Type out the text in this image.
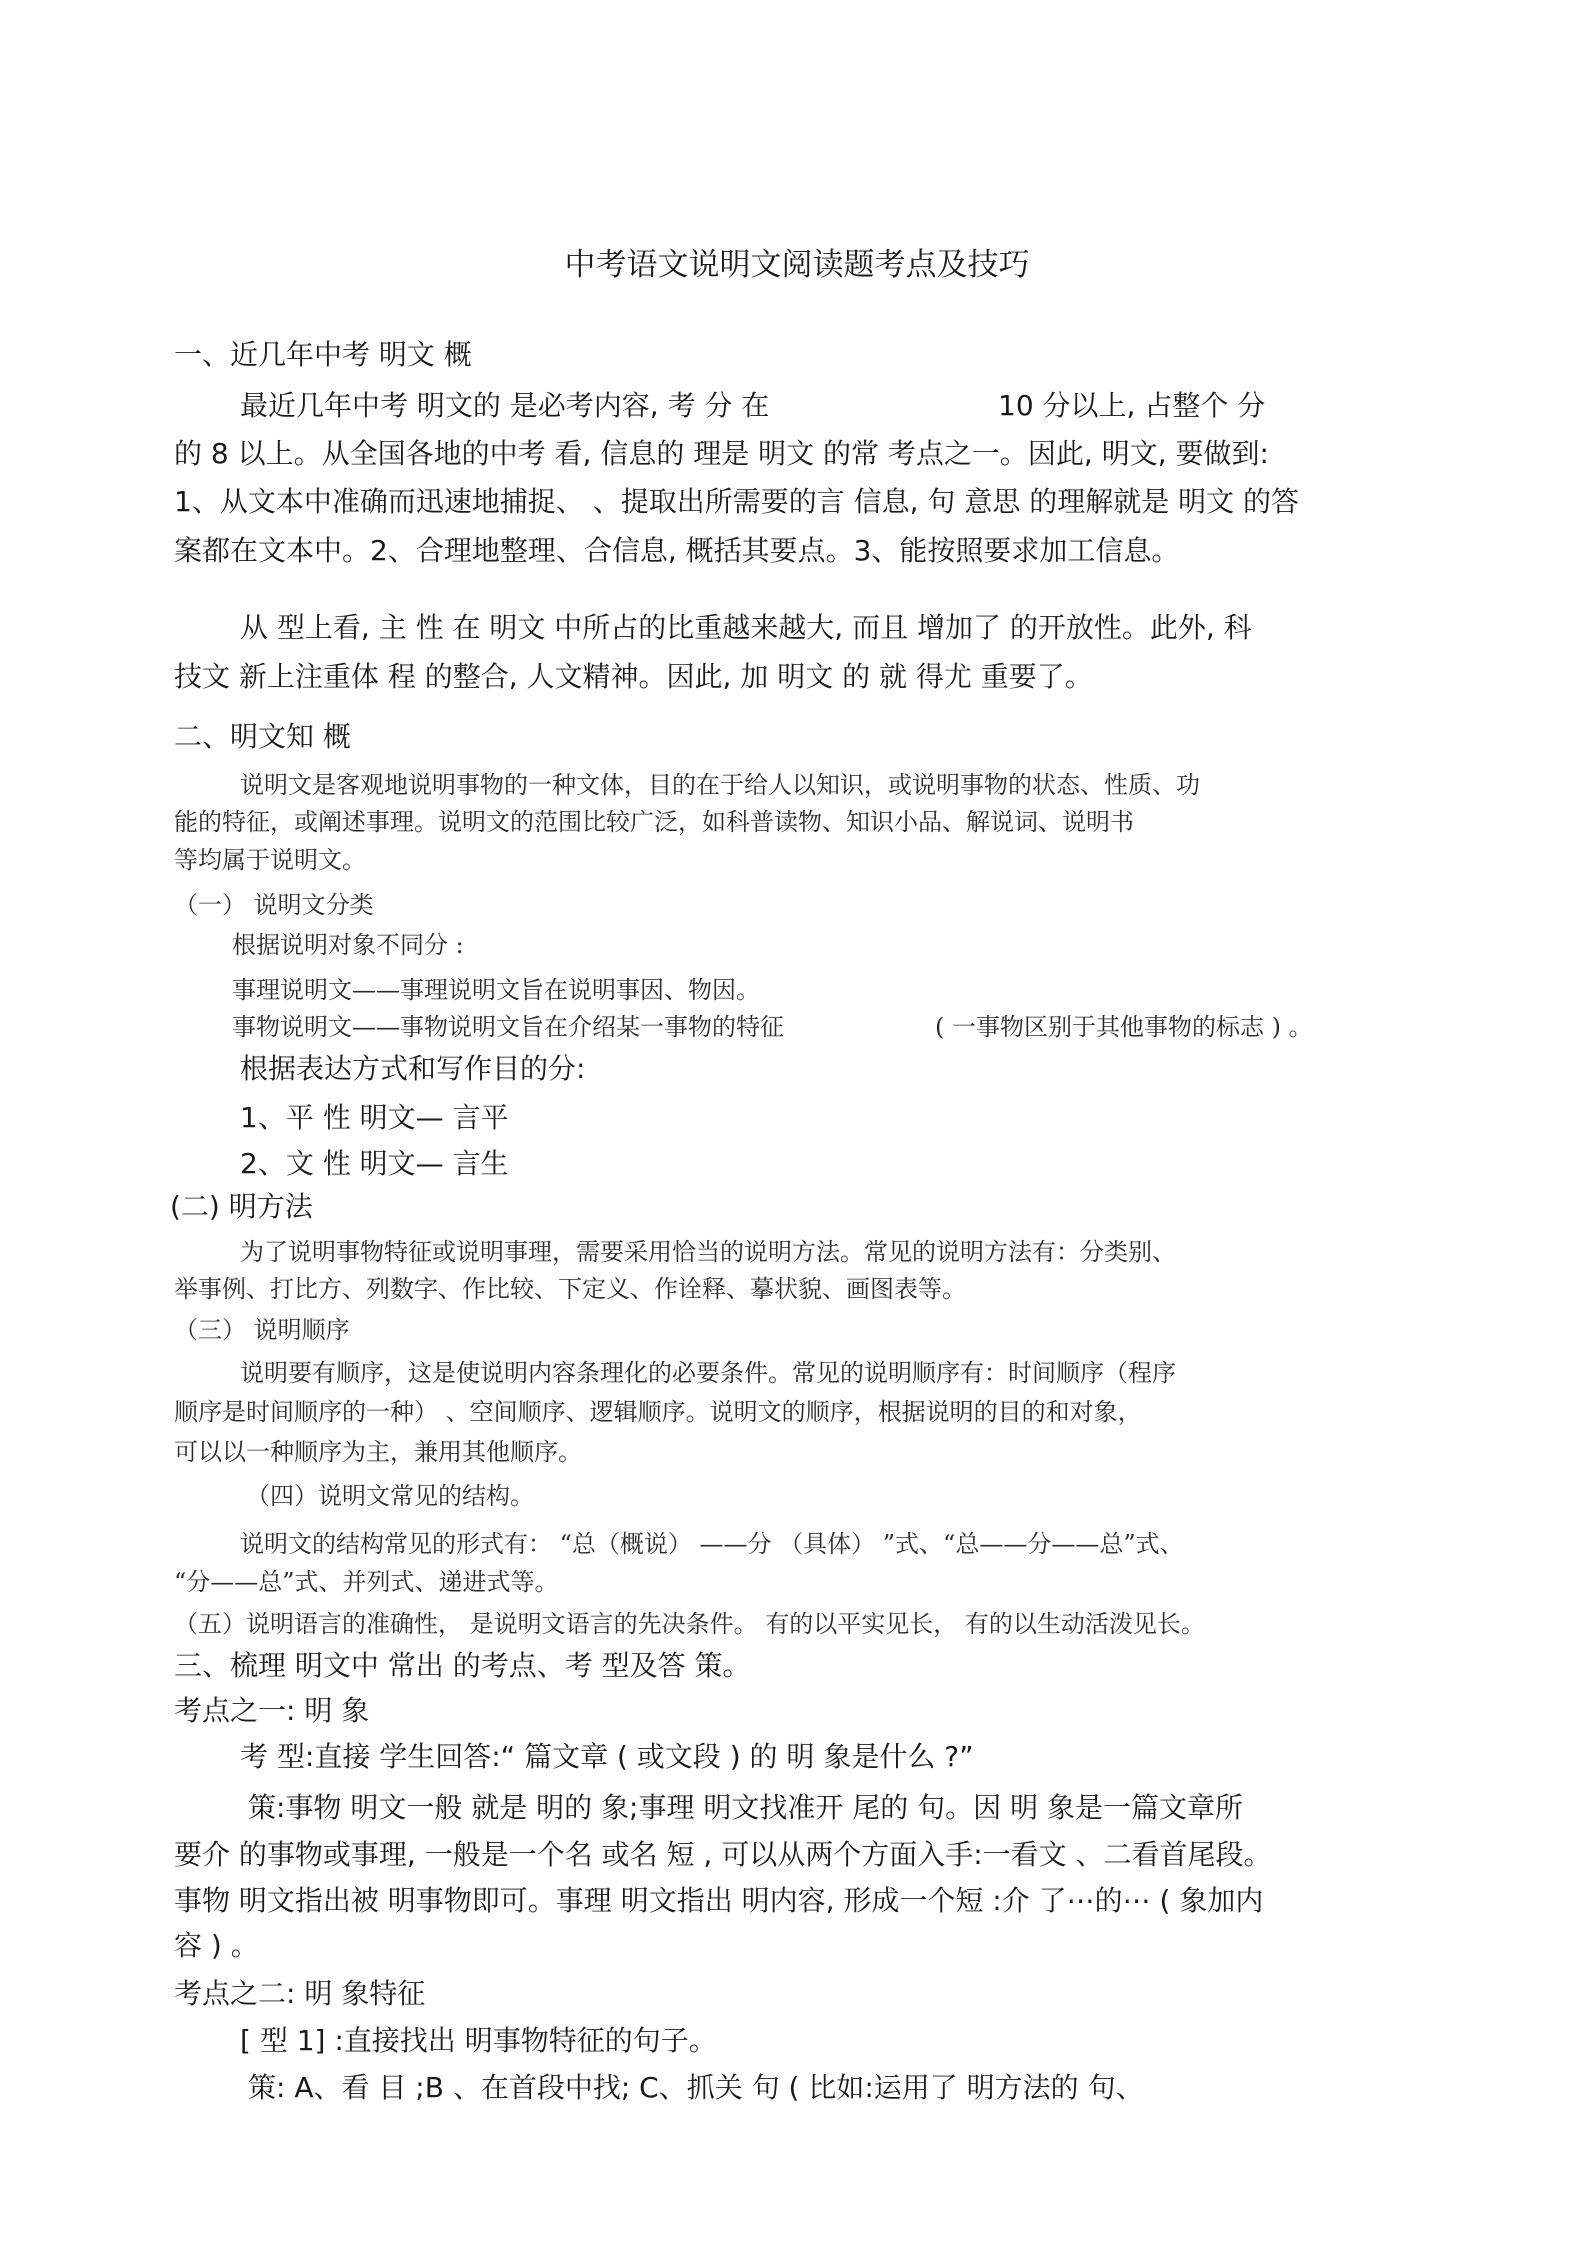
中考语文说明文阅读题考点及技巧
一、近几年中考 明文 概
最近几年中考 明文的 是必考内容, 考 分 在	10 分以上, 占整个 分
的 8 以上。从全国各地的中考 看, 信息的 理是 明文 的常 考点之一。因此, 明文, 要做到:
1、从文本中准确而迅速地捕捉、 、提取出所需要的言 信息, 句 意思 的理解就是 明文 的答
案都在文本中。2、合理地整理、合信息, 概括其要点。3、能按照要求加工信息。
从 型上看, 主 性 在 明文 中所占的比重越来越大, 而且 增加了 的开放性。此外, 科
技文 新上注重体 程 的整合, 人文精神。因此, 加 明文 的 就 得尤 重要了。
二、明文知 概
说明文是客观地说明事物的一种文体，目的在于给人以知识，或说明事物的状态、性质、功
能的特征，或阐述事理。说明文的范围比较广泛，如科普读物、知识小品、解说词、说明书
等均属于说明文。
（一） 说明文分类
根据说明对象不同分 :
事理说明文——事理说明文旨在说明事因、物因。
事物说明文——事物说明文旨在介绍某一事物的特征	( 一事物区别于其他事物的标志 ) 。
根据表达方式和写作目的分:
1、平 性 明文— 言平
2、文 性 明文— 言生
(二) 明方法
为了说明事物特征或说明事理，需要采用恰当的说明方法。常见的说明方法有：分类别、
举事例、打比方、列数字、作比较、下定义、作诠释、摹状貌、画图表等。
（三） 说明顺序
说明要有顺序，这是使说明内容条理化的必要条件。常见的说明顺序有：时间顺序（程序
顺序是时间顺序的一种） 、空间顺序、逻辑顺序。说明文的顺序，根据说明的目的和对象，
可以以一种顺序为主，兼用其他顺序。
（四）说明文常见的结构。
说明文的结构常见的形式有： “总（概说） ——分 （具体） ”式、“总——分——总”式、
“分——总”式、并列式、递进式等。
（五）说明语言的准确性， 是说明文语言的先决条件。 有的以平实见长， 有的以生动活泼见长。
三、梳理 明文中 常出 的考点、考 型及答 策。
考点之一: 明 象
考 型:直接 学生回答:“ 篇文章 ( 或文段 ) 的 明 象是什么 ?”
策:事物 明文一般 就是 明的 象;事理 明文找准开 尾的 句。因 明 象是一篇文章所
要介 的事物或事理, 一般是一个名 或名 短 , 可以从两个方面入手:一看文 、二看首尾段。
事物 明文指出被 明事物即可。事理 明文指出 明内容, 形成一个短 :介 了⋯的⋯ ( 象加内
容 ) 。
考点之二: 明 象特征
[ 型 1] :直接找出 明事物特征的句子。
策: A、看 目 ;B 、在首段中找; C、抓关 句 ( 比如:运用了 明方法的 句、
